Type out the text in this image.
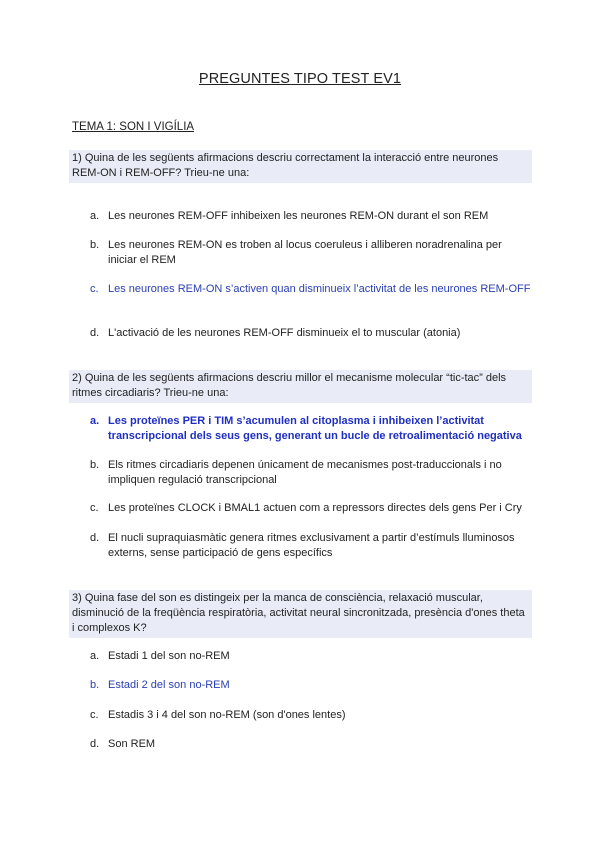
PREGUNTES TIPO TEST EV1
TEMA 1: SON I VIGÍLIA
1) Quina de les següents afirmacions descriu correctament la interacció entre neurones REM-ON i REM-OFF? Trieu-ne una:
a. Les neurones REM-OFF inhibeixen les neurones REM-ON durant el son REM
b. Les neurones REM-ON es troben al locus coeruleus i alliberen noradrenalina per iniciar el REM
c. Les neurones REM-ON s’activen quan disminueix l’activitat de les neurones REM-OFF
d. L'activació de les neurones REM-OFF disminueix el to muscular (atonia)
2) Quina de les següents afirmacions descriu millor el mecanisme molecular “tic-tac” dels ritmes circadiaris? Trieu-ne una:
a. Les proteïnes PER i TIM s’acumulen al citoplasma i inhibeixen l’activitat transcripcional dels seus gens, generant un bucle de retroalimentació negativa
b. Els ritmes circadiaris depenen únicament de mecanismes post-traduccionals i no impliquen regulació transcripcional
c. Les proteïnes CLOCK i BMAL1 actuen com a repressors directes dels gens Per i Cry
d. El nucli supraquiasmàtic genera ritmes exclusivament a partir d’estímuls lluminosos externs, sense participació de gens específics
3) Quina fase del son es distingeix per la manca de consciència, relaxació muscular, disminució de la freqüència respiratòria, activitat neural sincronitzada, presència d'ones theta i complexos K?
a. Estadi 1 del son no-REM
b. Estadi 2 del son no-REM
c. Estadis 3 i 4 del son no-REM (son d'ones lentes)
d. Son REM
